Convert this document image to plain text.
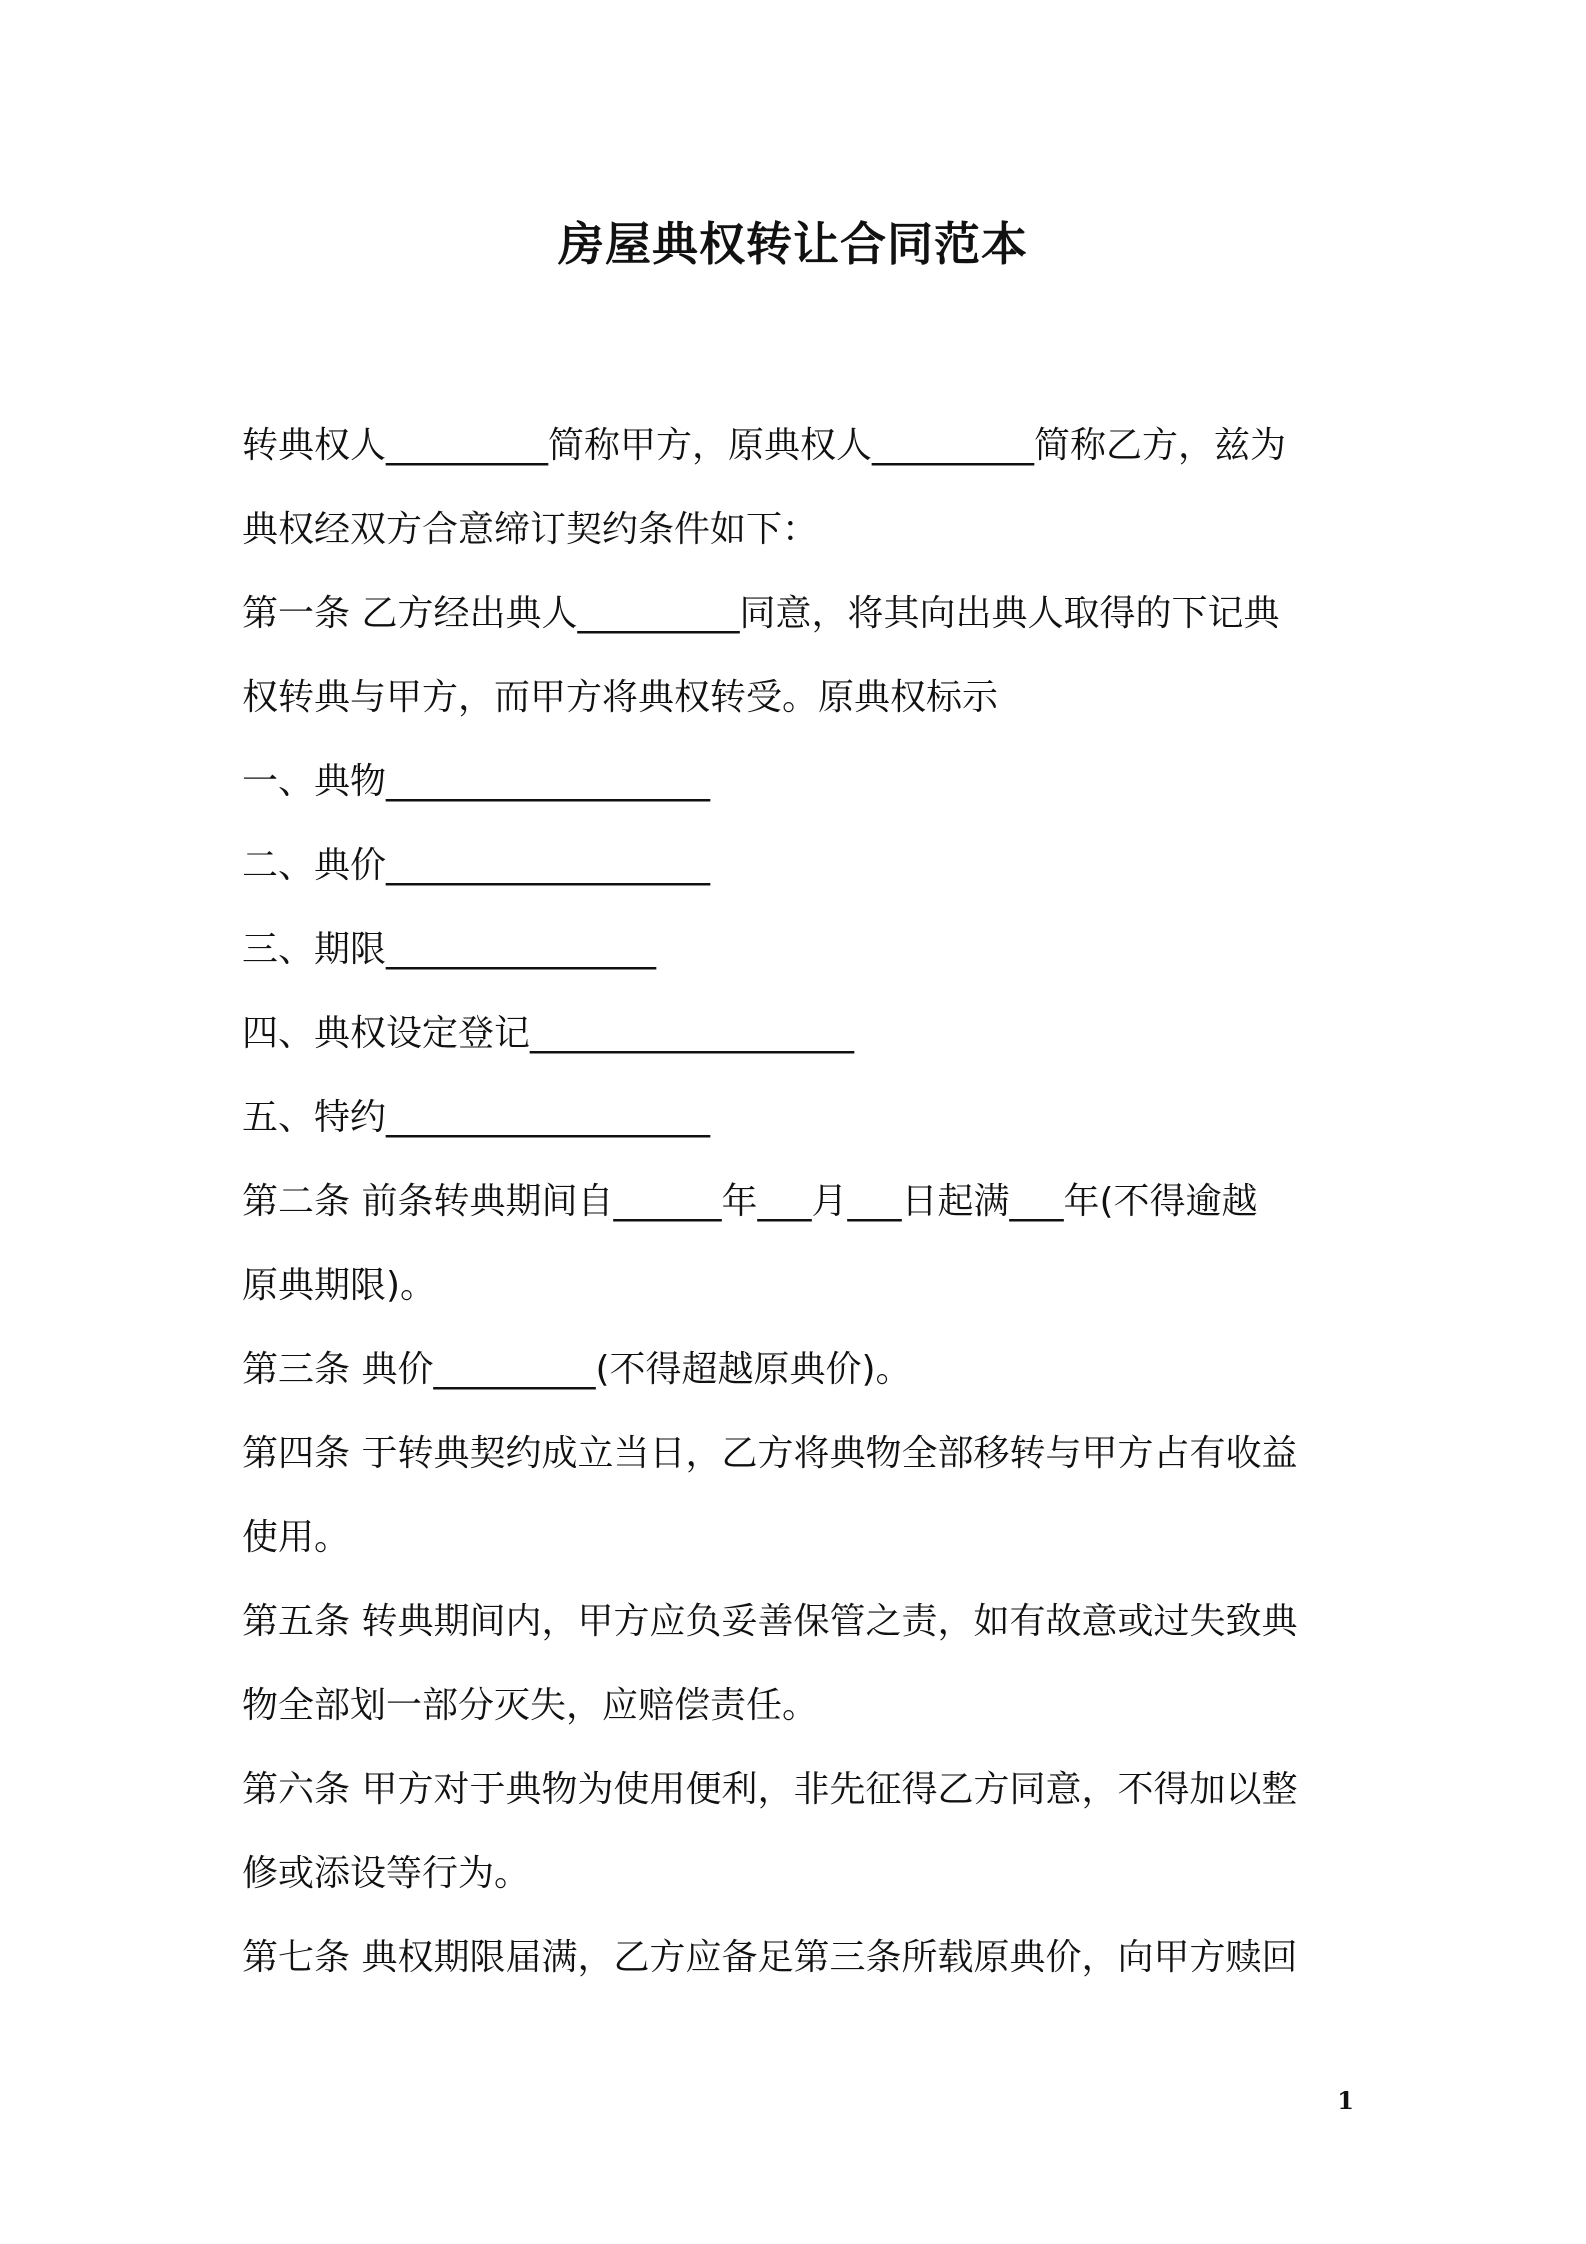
房屋典权转让合同范本
转典权人_________简称甲方，原典权人_________简称乙方，兹为
典权经双方合意缔订契约条件如下：
第一条 乙方经出典人_________同意，将其向出典人取得的下记典
权转典与甲方，而甲方将典权转受。原典权标示
一、典物__________________
二、典价__________________
三、期限_______________
四、典权设定登记__________________
五、特约__________________
第二条 前条转典期间自______年___月___日起满___年(不得逾越
原典期限)。
第三条 典价_________(不得超越原典价)。
第四条 于转典契约成立当日，乙方将典物全部移转与甲方占有收益
使用。
第五条 转典期间内，甲方应负妥善保管之责，如有故意或过失致典
物全部划一部分灭失，应赔偿责任。
第六条 甲方对于典物为使用便利，非先征得乙方同意，不得加以整
修或添设等行为。
第七条 典权期限届满，乙方应备足第三条所载原典价，向甲方赎回
1
